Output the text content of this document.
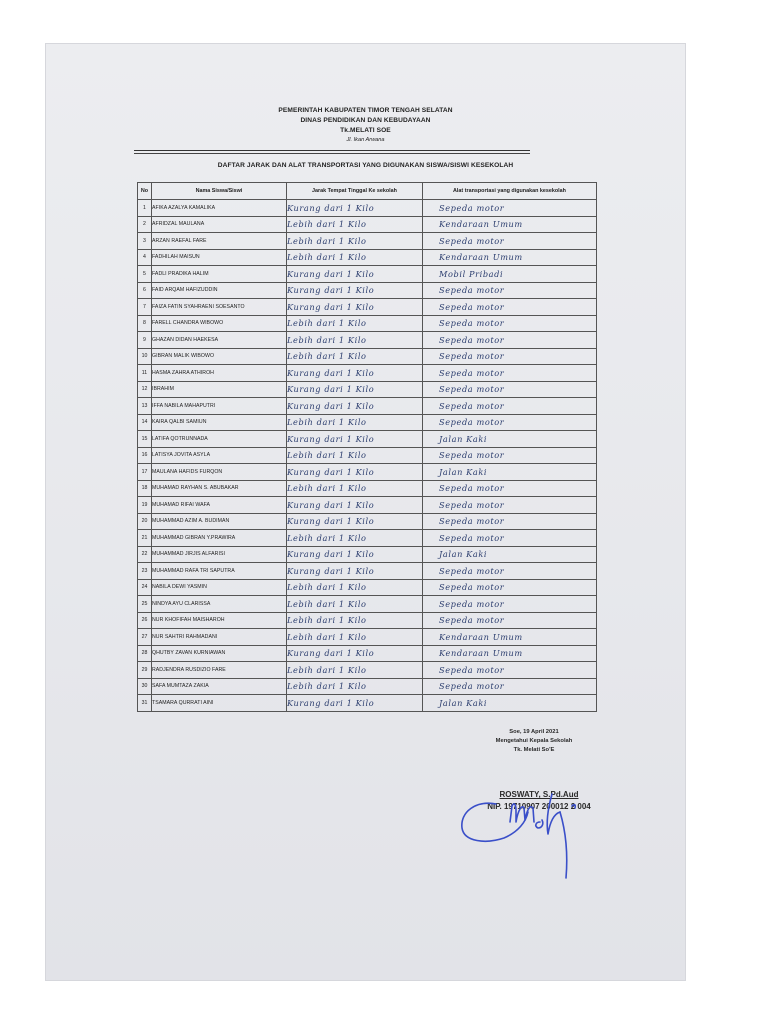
PEMERINTAH KABUPATEN TIMOR TENGAH SELATAN
DINAS PENDIDIKAN DAN KEBUDAYAAN
Tk.MELATI SOE
Jl. Ikan Arwana
DAFTAR JARAK DAN ALAT TRANSPORTASI YANG DIGUNAKAN SISWA/SISWI KESEKOLAH
No	Nama Siswa/Siswi	Jarak Tempat Tinggal Ke sekolah	Alat transportasi yang digunakan kesekolah
1	AFIKA AZALYA KAMALIKA	Kurang dari 1 Kilo	Sepeda motor
2	AFRIDZAL MAULANA	Lebih dari 1 Kilo	Kendaraan Umum
3	ARZAN RAEFAL FARE	Lebih dari 1 Kilo	Sepeda motor
4	FADHILAH MAISUN	Lebih dari 1 Kilo	Kendaraan Umum
5	FADLI PRADIKA HALIM	Kurang dari 1 Kilo	Mobil Pribadi
6	FAID ARQAM HAFIZUDDIN	Kurang dari 1 Kilo	Sepeda motor
7	FAIZA FATIN SYAHRAENI SOESANTO	Kurang dari 1 Kilo	Sepeda motor
8	FARELL CHANDRA WIBOWO	Lebih dari 1 Kilo	Sepeda motor
9	GHAZAN DIDAN HAEKESA	Lebih dari 1 Kilo	Sepeda motor
10	GIBRAN MALIK WIBOWO	Lebih dari 1 Kilo	Sepeda motor
11	HASMA ZAHRA ATHIROH	Kurang dari 1 Kilo	Sepeda motor
12	IBRAHIM	Kurang dari 1 Kilo	Sepeda motor
13	IFFA NABILA MAHAPUTRI	Kurang dari 1 Kilo	Sepeda motor
14	KAIRA QALBI SAMIUN	Lebih dari 1 Kilo	Sepeda motor
15	LATIFA QOTRUNNADA	Kurang dari 1 Kilo	Jalan Kaki
16	LATISYA JOVITA ASYLA	Lebih dari 1 Kilo	Sepeda motor
17	MAULANA HAFIDS FURQON	Kurang dari 1 Kilo	Jalan Kaki
18	MUHAMAD RAYHAN S. ABUBAKAR	Lebih dari 1 Kilo	Sepeda motor
19	MUHAMAD RIFAI WAFA	Kurang dari 1 Kilo	Sepeda motor
20	MUHAMMAD AZIM A. BUDIMAN	Kurang dari 1 Kilo	Sepeda motor
21	MUHAMMAD GIBRAN Y.PRAWIRA	Lebih dari 1 Kilo	Sepeda motor
22	MUHAMMAD JIRJIS ALFARISI	Kurang dari 1 Kilo	Jalan Kaki
23	MUHAMMAD RAFA TRI SAPUTRA	Kurang dari 1 Kilo	Sepeda motor
24	NABILA DEWI YASMIN	Lebih dari 1 Kilo	Sepeda motor
25	NINDYA AYU CLARISSA	Lebih dari 1 Kilo	Sepeda motor
26	NUR KHOFIFAH MAISHAROH	Lebih dari 1 Kilo	Sepeda motor
27	NUR SAHTRI RAHMADANI	Lebih dari 1 Kilo	Kendaraan Umum
28	QHUTBY ZAVAN KURNIAWAN	Kurang dari 1 Kilo	Kendaraan Umum
29	RADJENDRA RUSDIZIO FARE	Lebih dari 1 Kilo	Sepeda motor
30	SAFA MUMTAZA ZAKIA	Lebih dari 1 Kilo	Sepeda motor
31	TSAMARA QURRATI AINI	Kurang dari 1 Kilo	Jalan Kaki
Soe, 19 April 2021
Mengetahui Kepala Sekolah
Tk. Melati So'E
ROSWATY, S.Pd.Aud
NIP. 19710907 200012 2 004
